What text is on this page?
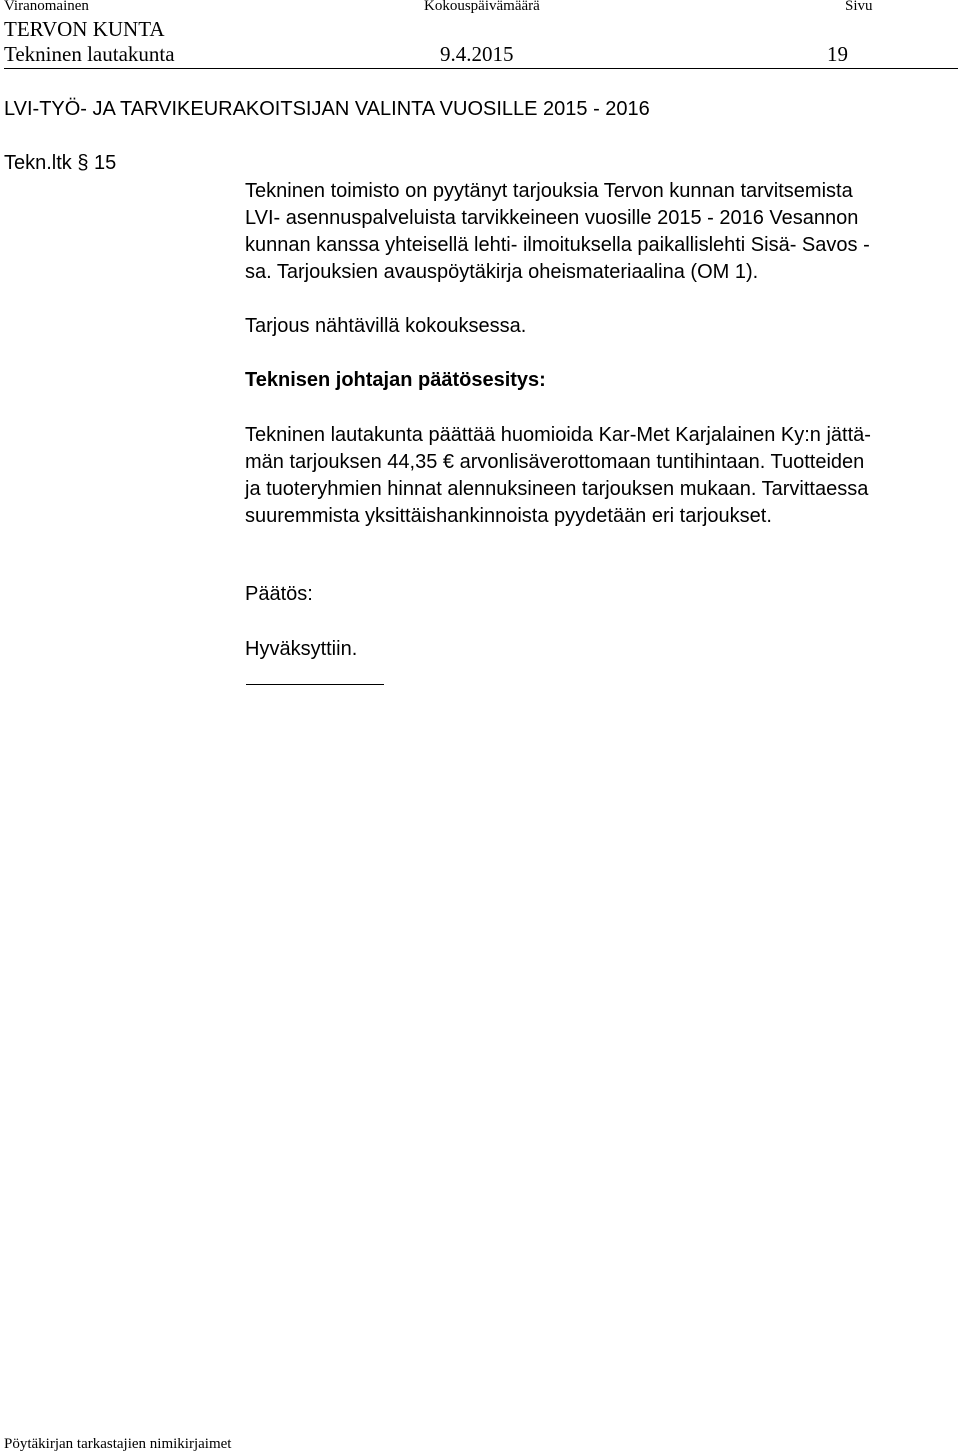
Viranomainen	Kokouspäivämäärä	Sivu
TERVON KUNTA
Tekninen lautakunta	9.4.2015	19
LVI-TYÖ- JA TARVIKEURAKOITSIJAN VALINTA VUOSILLE 2015 - 2016
Tekn.ltk § 15

Tekninen toimisto on pyytänyt tarjouksia Tervon kunnan tarvitsemista

LVI- asennuspalveluista tarvikkeineen vuosille 2015 - 2016 Vesannon

kunnan kanssa yhteisellä lehti- ilmoituksella paikallislehti Sisä- Savos -

sa. Tarjouksien avauspöytäkirja oheismateriaalina (OM 1).

Tarjous nähtävillä kokouksessa.
Teknisen johtajan päätösesitys:

Tekninen lautakunta päättää huomioida Kar-Met Karjalainen Ky:n jättä-

män tarjouksen 44,35 € arvonlisäverottomaan tuntihintaan. Tuotteiden

ja tuoteryhmien hinnat alennuksineen tarjouksen mukaan. Tarvittaessa

suuremmista yksittäishankinnoista pyydetään eri tarjoukset.

Päätös:
Hyväksyttiin.
Pöytäkirjan tarkastajien nimikirjaimet
